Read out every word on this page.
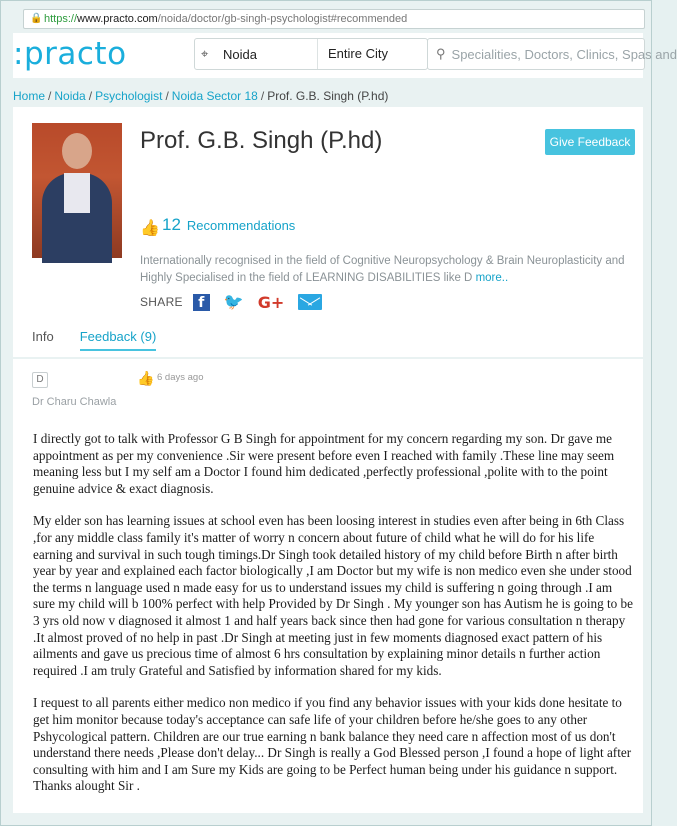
🔒 https:// www.practo.com /noida/doctor/gb-singh-psychologist#recommended
:practo	⌖	Noida	Entire City	⚲ Specialities, Doctors, Clinics, Spas and
Home / Noida / Psychologist / Noida Sector 18 / Prof. G.B. Singh (P.hd)
Prof. G.B. Singh (P.hd)	Give Feedback
👍 12 Recommendations
Internationally recognised in the field of Cognitive Neuropsychology & Brain Neuroplasticity and Highly Specialised in the field of LEARNING DISABILITIES like D more..
SHARE	f	🐦 G+
Info Feedback (9)
D
Dr Charu Chawla
👍 6 days ago

I directly got to talk with Professor G B Singh for appointment for my concern regarding my son. Dr gave me appointment as per my convenience .Sir were present before even I reached with family .These line may seem meaning less but I my self am a Doctor I found him dedicated ,perfectly professional ,polite with to the point genuine advice & exact diagnosis.

My elder son has learning issues at school even has been loosing interest in studies even after being in 6th Class ,for any middle class family it's matter of worry n concern about future of child what he will do for his life earning and survival in such tough timings.Dr Singh took detailed history of my child before Birth n after birth year by year and explained each factor biologically ,I am Doctor but my wife is non medico even she under stood the terms n language used n made easy for us to understand issues my child is suffering n going through .I am sure my child will b 100% perfect with help Provided by Dr Singh . My younger son has Autism he is going to be 3 yrs old now v diagnosed it almost 1 and half years back since then had gone for various consultation n therapy .It almost proved of no help in past .Dr Singh at meeting just in few moments diagnosed exact pattern of his ailments and gave us precious time of almost 6 hrs consultation by explaining minor details n further action required .I am truly Grateful and Satisfied by information shared for my kids.

I request to all parents either medico non medico if you find any behavior issues with your kids done hesitate to get him monitor because today's acceptance can safe life of your children before he/she goes to any other Pshycological pattern. Children are our true earning n bank balance they need care n affection most of us don't understand there needs ,Please don't delay... Dr Singh is really a God Blessed person ,I found a hope of light after consulting with him and I am Sure my Kids are going to be Perfect human being under his guidance n support. Thanks alought Sir .
